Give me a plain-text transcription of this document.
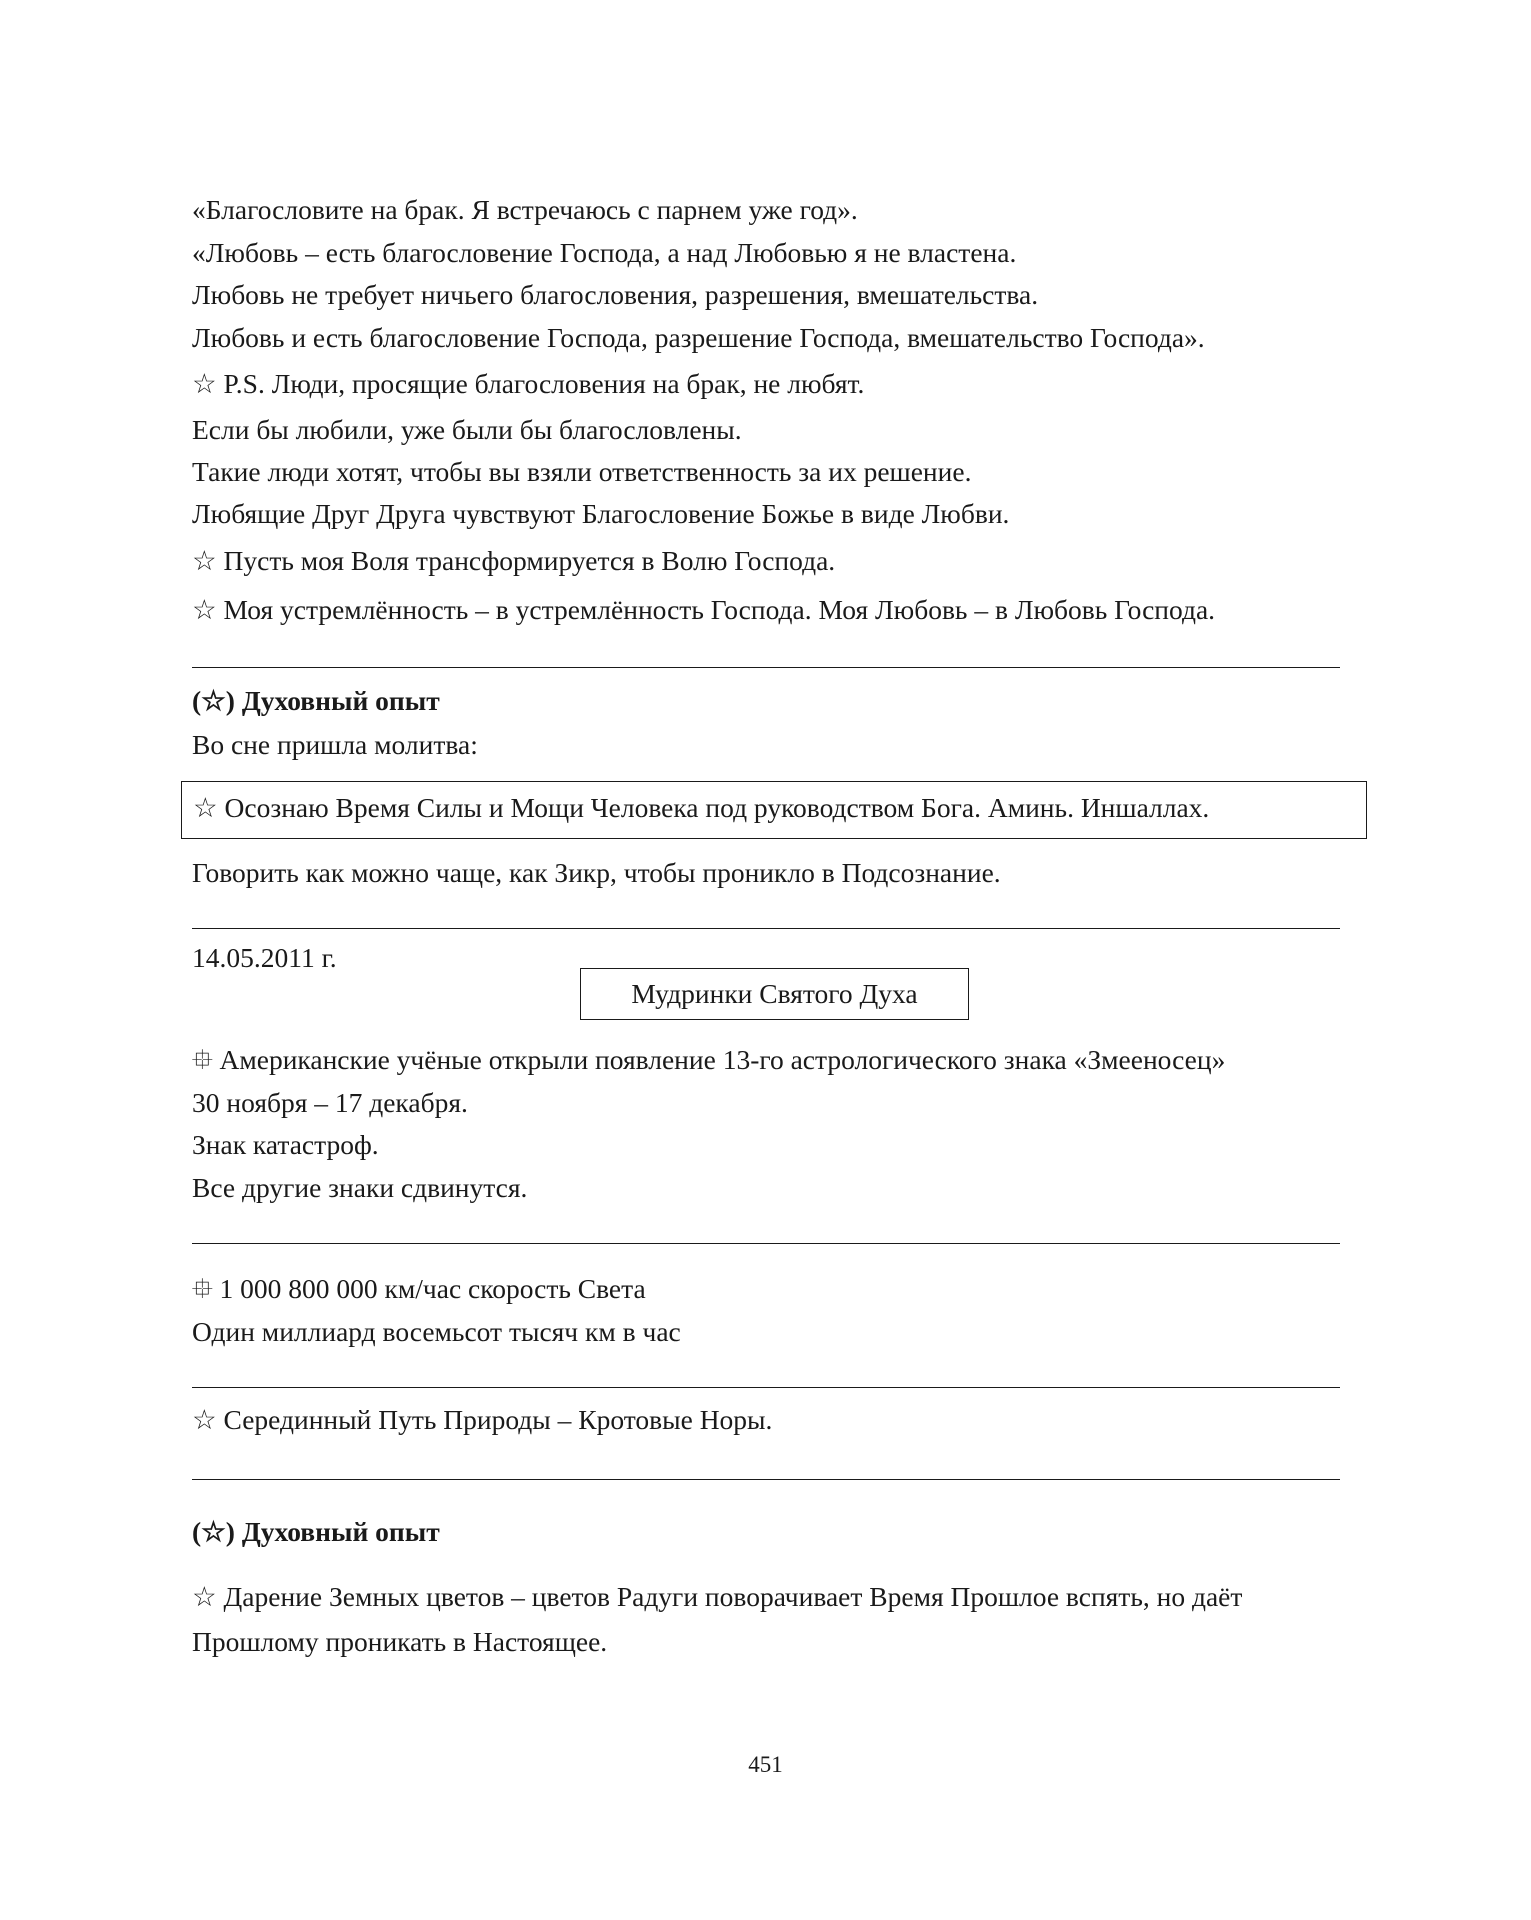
«Благословите на брак. Я встречаюсь с парнем уже год».

«Любовь – есть благословение Господа, а над Любовью я не властена.

Любовь не требует ничьего благословения, разрешения, вмешательства.

Любовь и есть благословение Господа, разрешение Господа, вмешательство Господа».

☆ P.S. Люди, просящие благословения на брак, не любят.

Если бы любили, уже были бы благословлены.

Такие люди хотят, чтобы вы взяли ответственность за их решение.

Любящие Друг Друга чувствуют Благословение Божье в виде Любви.

☆ Пусть моя Воля трансформируется в Волю Господа.

☆ Моя устремлённость – в устремлённость Господа. Моя Любовь – в Любовь Господа.

(☆) Духовный опыт

Во сне пришла молитва:

☆ Осознаю Время Силы и Мощи Человека под руководством Бога. Аминь. Иншаллах.

Говорить как можно чаще, как Зикр, чтобы проникло в Подсознание.

14.05.2011 г.

Мудринки Святого Духа

⯐ Американские учёные открыли появление 13-го астрологического знака «Змееносец»

30 ноября – 17 декабря.

Знак катастроф.

Все другие знаки сдвинутся.

⯐ 1 000 800 000 км/час скорость Света

Один миллиард восемьсот тысяч км в час

☆ Серединный Путь Природы – Кротовые Норы.

(☆) Духовный опыт

☆ Дарение Земных цветов – цветов Радуги поворачивает Время Прошлое вспять, но даёт

Прошлому проникать в Настоящее.

451
